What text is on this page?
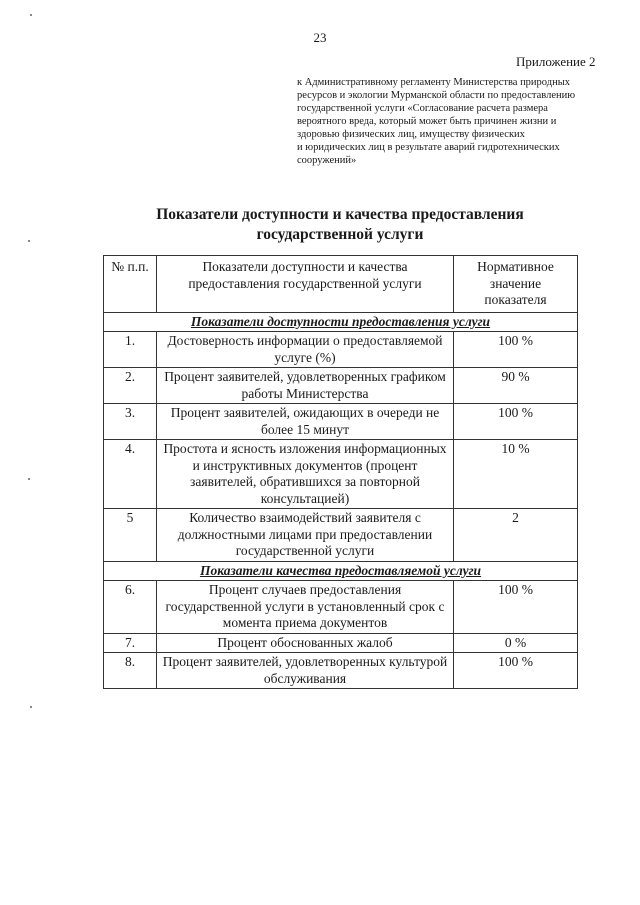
23
Приложение 2
к Административному регламенту Министерства природных
ресурсов и экологии Мурманской области по предоставлению
государственной услуги «Согласование расчета размера
вероятного вреда, который может быть причинен жизни и
здоровью физических лиц, имуществу физических
и юридических лиц в результате аварий гидротехнических
сооружений»
Показатели доступности и качества предоставления
государственной услуги
№ п.п.	Показатели доступности и качества предоставления государственной услуги	Нормативное значение показателя
Показатели доступности предоставления услуги		
1.	Достоверность информации о предоставляемой услуге (%)	100 %
2.	Процент заявителей, удовлетворенных графиком работы Министерства	90 %
3.	Процент заявителей, ожидающих в очереди не более 15 минут	100 %
4.	Простота и ясность изложения информационных и инструктивных документов (процент заявителей, обратившихся за повторной консультацией)	10 %
5	Количество взаимодействий заявителя с должностными лицами при предоставлении государственной услуги	2
Показатели качества предоставляемой услуги		
6.	Процент случаев предоставления государственной услуги в установленный срок с момента приема документов	100 %
7.	Процент обоснованных жалоб	0 %
8.	Процент заявителей, удовлетворенных культурой обслуживания	100 %
